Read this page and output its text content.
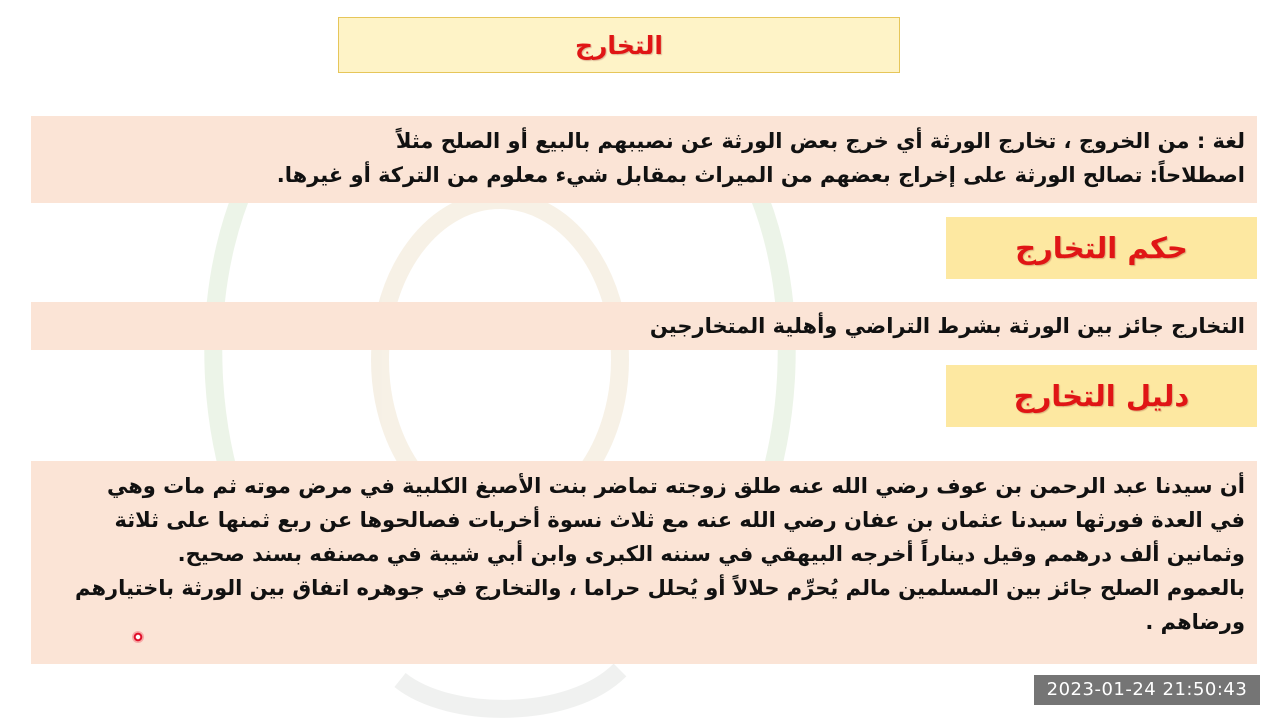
التخارج
لغة : من الخروج ، تخارج الورثة أي خرج بعض الورثة عن نصيبهم بالبيع أو الصلح مثلاً
اصطلاحاً: تصالح الورثة على إخراج بعضهم من الميراث بمقابل شيء معلوم من التركة أو غيرها.
حكم التخارج
التخارج جائز بين الورثة بشرط التراضي وأهلية المتخارجين
دليل التخارج
أن سيدنا عبد الرحمن بن عوف رضي الله عنه طلق زوجته تماضر بنت الأصبغ الكلبية في مرض موته ثم مات وهي
في العدة فورثها سيدنا عثمان بن عفان رضي الله عنه مع ثلاث نسوة أخريات فصالحوها عن ربع ثمنها على ثلاثة
وثمانين ألف درهمم وقيل ديناراً أخرجه البيهقي في سننه الكبرى وابن أبي شيبة في مصنفه بسند صحيح.
بالعموم الصلح جائز بين المسلمين مالم يُحرِّم حلالاً أو يُحلل حراما ، والتخارج في جوهره اتفاق بين الورثة باختيارهم
ورضاهم .
2023-01-24 21:50:43
